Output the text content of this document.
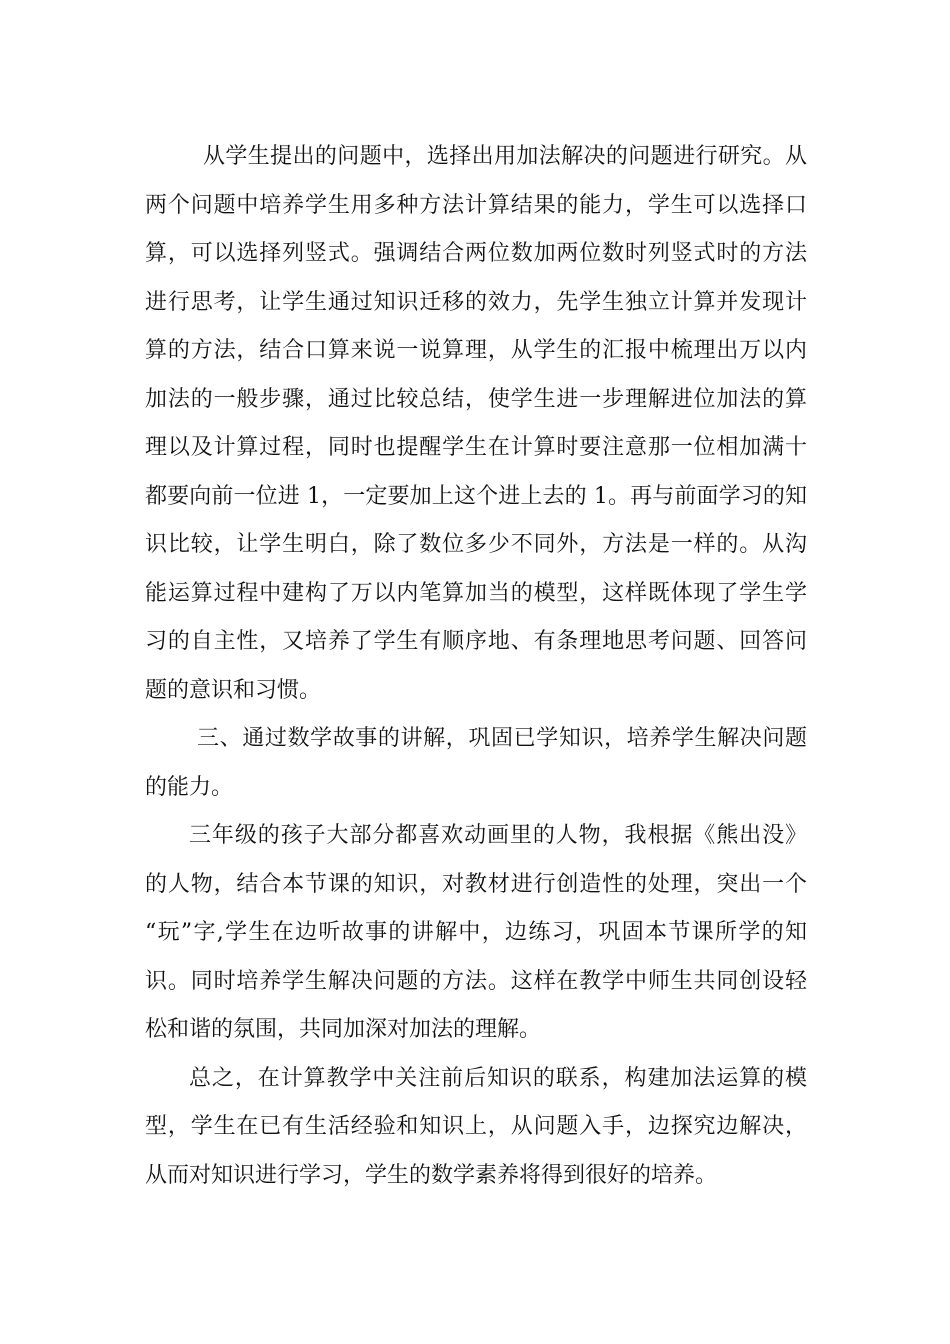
从学生提出的问题中，选择出用加法解决的问题进行研究。从
两个问题中培养学生用多种方法计算结果的能力，学生可以选择口
算，可以选择列竖式。强调结合两位数加两位数时列竖式时的方法
进行思考，让学生通过知识迁移的效力，先学生独立计算并发现计
算的方法，结合口算来说一说算理，从学生的汇报中梳理出万以内
加法的一般步骤，通过比较总结，使学生进一步理解进位加法的算
理以及计算过程，同时也提醒学生在计算时要注意那一位相加满十
都要向前一位进 1，一定要加上这个进上去的 1。再与前面学习的知
识比较，让学生明白，除了数位多少不同外，方法是一样的。从沟
能运算过程中建构了万以内笔算加当的模型，这样既体现了学生学
习的自主性，又培养了学生有顺序地、有条理地思考问题、回答问
题的意识和习惯。

三、通过数学故事的讲解，巩固已学知识，培养学生解决问题
的能力。

三年级的孩子大部分都喜欢动画里的人物，我根据《熊出没》
的人物，结合本节课的知识，对教材进行创造性的处理，突出一个
“玩”字,学生在边听故事的讲解中，边练习，巩固本节课所学的知
识。同时培养学生解决问题的方法。这样在教学中师生共同创设轻
松和谐的氛围，共同加深对加法的理解。

总之，在计算教学中关注前后知识的联系，构建加法运算的模
型，学生在已有生活经验和知识上，从问题入手，边探究边解决，
从而对知识进行学习，学生的数学素养将得到很好的培养。
